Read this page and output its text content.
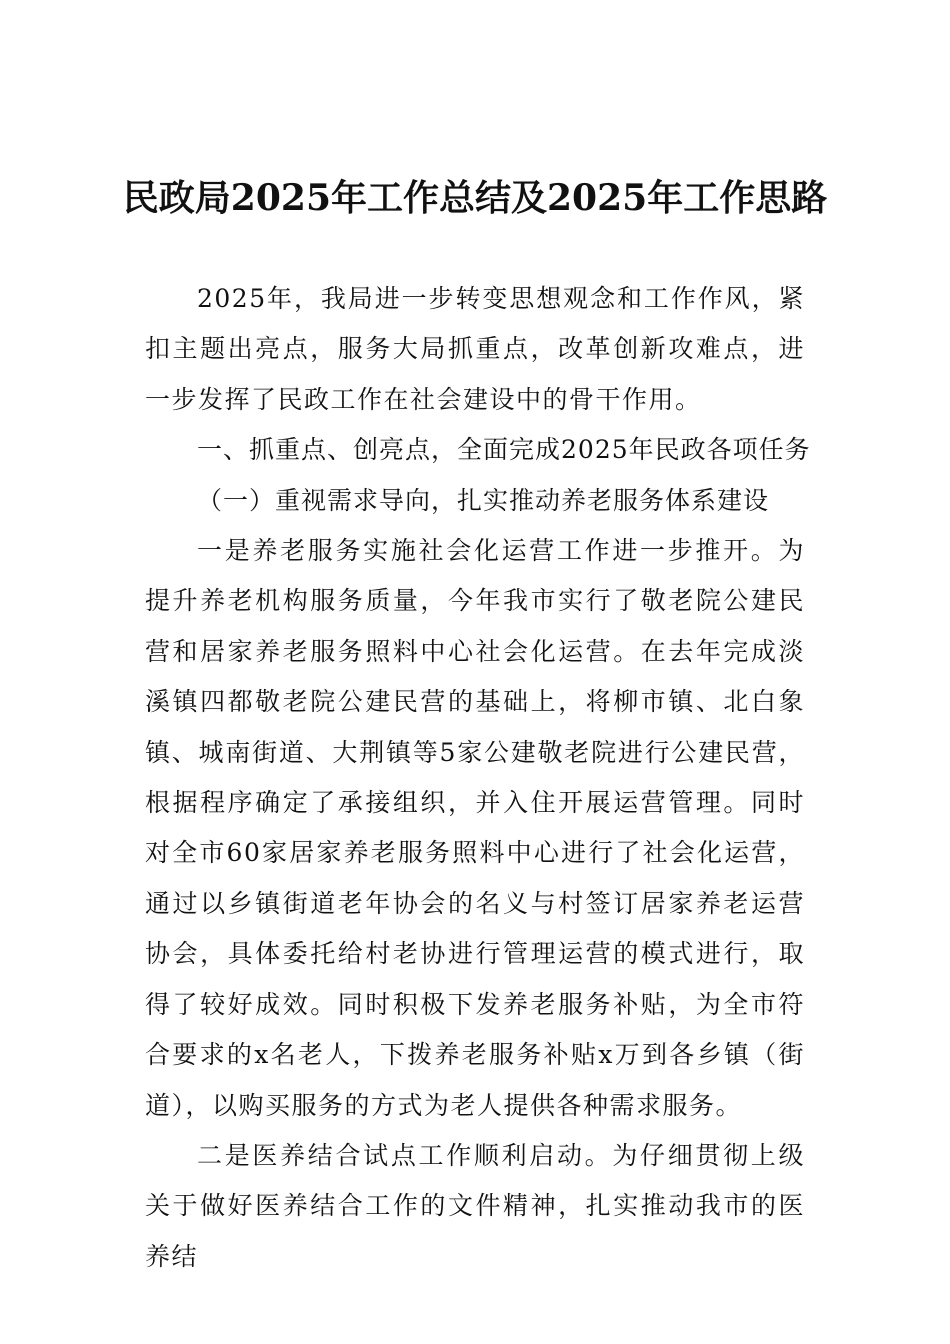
民政局2025年工作总结及2025年工作思路

2025年，我局进一步转变思想观念和工作作风，紧扣主题出亮点，服务大局抓重点，改革创新攻难点，进一步发挥了民政工作在社会建设中的骨干作用。

一、抓重点、创亮点，全面完成2025年民政各项任务

（一）重视需求导向，扎实推动养老服务体系建设

一是养老服务实施社会化运营工作进一步推开。为提升养老机构服务质量，今年我市实行了敬老院公建民营和居家养老服务照料中心社会化运营。在去年完成淡溪镇四都敬老院公建民营的基础上，将柳市镇、北白象镇、城南街道、大荆镇等5家公建敬老院进行公建民营，根据程序确定了承接组织，并入住开展运营管理。同时对全市60家居家养老服务照料中心进行了社会化运营，通过以乡镇街道老年协会的名义与村签订居家养老运营协会，具体委托给村老协进行管理运营的模式进行，取得了较好成效。同时积极下发养老服务补贴，为全市符合要求的x名老人，下拨养老服务补贴x万到各乡镇（街道），以购买服务的方式为老人提供各种需求服务。

二是医养结合试点工作顺利启动。为仔细贯彻上级关于做好医养结合工作的文件精神，扎实推动我市的医养结
